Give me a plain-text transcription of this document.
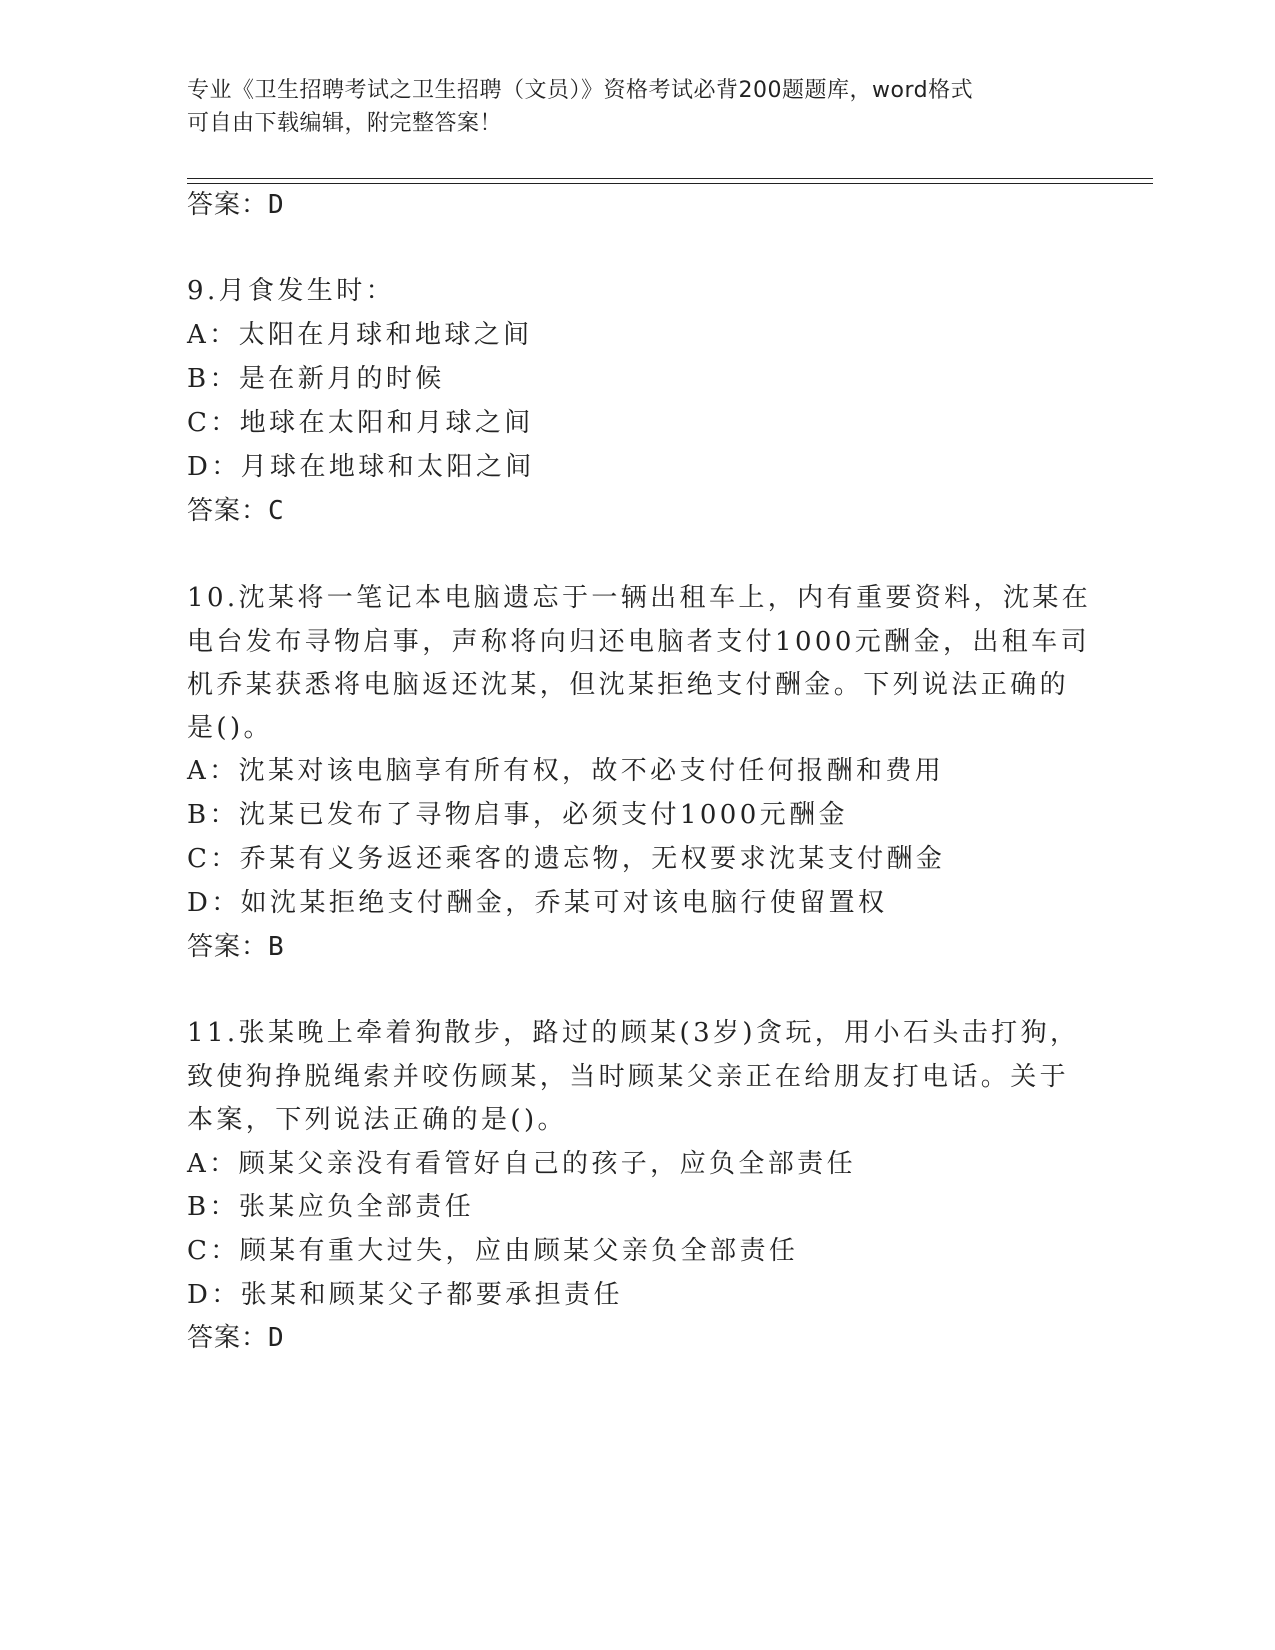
专业《卫生招聘考试之卫生招聘（文员）》资格考试必背200题题库，word格式
可自由下载编辑，附完整答案！
答案：D
9.月食发生时：
A：太阳在月球和地球之间
B：是在新月的时候
C：地球在太阳和月球之间
D：月球在地球和太阳之间
答案：C
10.沈某将一笔记本电脑遗忘于一辆出租车上，内有重要资料，沈某在
电台发布寻物启事，声称将向归还电脑者支付1000元酬金，出租车司
机乔某获悉将电脑返还沈某，但沈某拒绝支付酬金。下列说法正确的
是()。
A：沈某对该电脑享有所有权，故不必支付任何报酬和费用
B：沈某已发布了寻物启事，必须支付1000元酬金
C：乔某有义务返还乘客的遗忘物，无权要求沈某支付酬金
D：如沈某拒绝支付酬金，乔某可对该电脑行使留置权
答案：B
11.张某晚上牵着狗散步，路过的顾某(3岁)贪玩，用小石头击打狗，
致使狗挣脱绳索并咬伤顾某，当时顾某父亲正在给朋友打电话。关于
本案，下列说法正确的是()。
A：顾某父亲没有看管好自己的孩子，应负全部责任
B：张某应负全部责任
C：顾某有重大过失，应由顾某父亲负全部责任
D：张某和顾某父子都要承担责任
答案：D
